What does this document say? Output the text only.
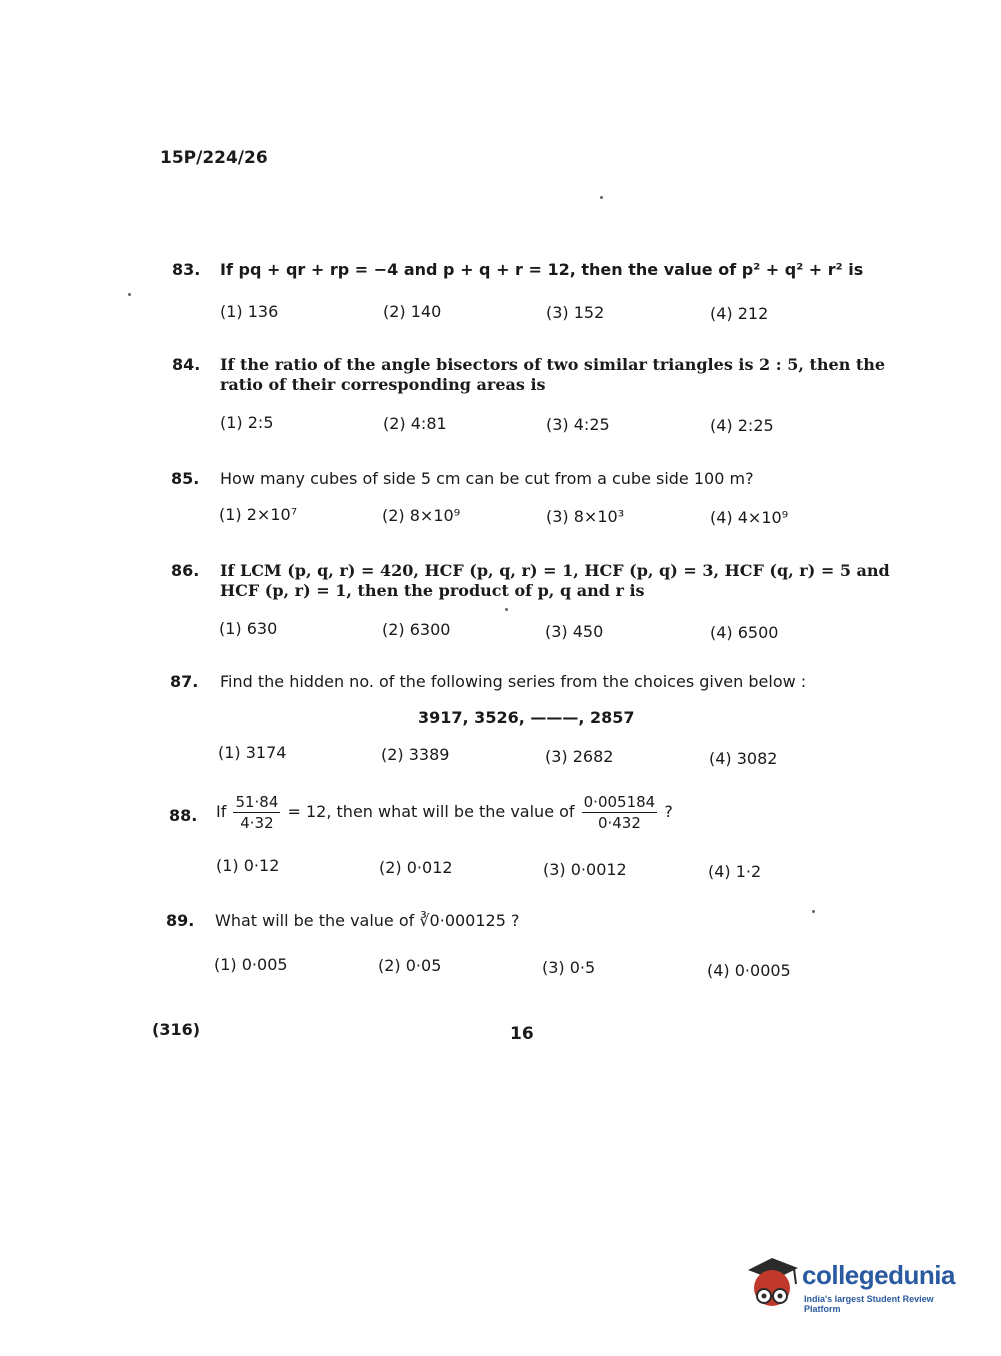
15P/224/26
83. If pq + qr + rp = −4 and p + q + r = 12, then the value of p² + q² + r² is
(1) 136	(2) 140	(3) 152	(4) 212
84. If the ratio of the angle bisectors of two similar triangles is 2 : 5, then the ratio of their corresponding areas is
(1) 2:5	(2) 4:81	(3) 4:25	(4) 2:25
85. How many cubes of side 5 cm can be cut from a cube side 100 m?
(1) 2×10⁷	(2) 8×10⁹	(3) 8×10³	(4) 4×10⁹
86. If LCM (p, q, r) = 420, HCF (p, q, r) = 1, HCF (p, q) = 3, HCF (q, r) = 5 and HCF (p, r) = 1, then the product of p, q and r is
(1) 630	(2) 6300	(3) 450	(4) 6500
87. Find the hidden no. of the following series from the choices given below :
3917, 3526, ———, 2857
(1) 3174	(2) 3389	(3) 2682	(4) 3082
88. If $\frac{51\cdot 84}{4\cdot 32} = 12$, then what will be the value of $\frac{0\cdot 005184}{0\cdot 432}$ ?
(1) 0·12	(2) 0·012	(3) 0·0012	(4) 1·2
89. What will be the value of ∛0·000125 ?
(1) 0·005	(2) 0·05	(3) 0·5	(4) 0·0005
(316)	16
collegedunia
India's largest Student Review Platform
